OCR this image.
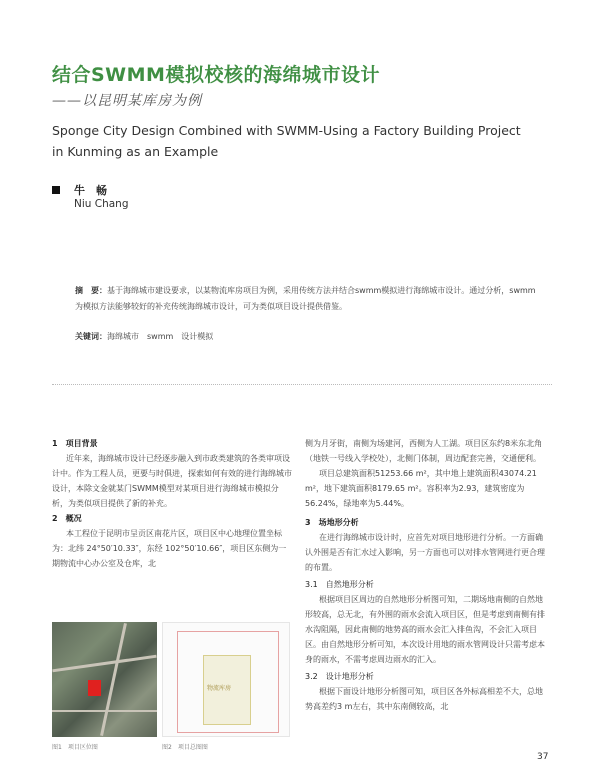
结合SWMM模拟校核的海绵城市设计
——以昆明某库房为例
Sponge City Design Combined with SWMM-Using a Factory Building Project in Kunming as an Example
牛　畅
Niu Chang
摘　要：基于海绵城市建设要求，以某物流库房项目为例，采用传统方法并结合swmm模拟进行海绵城市设计。通过分析，swmm为模拟方法能够较好的补充传统海绵城市设计，可为类似项目设计提供借鉴。
关键词：海绵城市　swmm　设计模拟

1　项目背景

近年来，海绵城市设计已经逐步融入到市政类建筑的各类审项设计中。作为工程人员，更要与时俱进，探索如何有效的进行海绵城市设计，本除文金就某门SWMM模型对某项目进行海绵城市模拟分析，为类似项目提供了新的补充。

2　概况

本工程位于昆明市呈贡区南花片区，项目区中心地理位置坐标为：北纬 24°50′10.33″，东经 102°50′10.66″，项目区东侧为一期物流中心办公室及仓库，北

侧为月牙街，南侧为场建河，西侧为人工湖。项目区东约8米东北角（地铁一号线入学校处），北侧门体制，周边配套完善，交通便利。

项目总建筑面积51253.66 m²，其中地上建筑面积43074.21 m²，地下建筑面积8179.65 m²。容积率为2.93，建筑密度为56.24%，绿地率为5.44%。

3　场地形分析

在进行海绵城市设计时，应首先对项目地形进行分析。一方面确认外围是否有汇水过入影响，另一方面也可以对排水管网进行更合理的布置。

3.1　自然地形分析

根据项目区周边的自然地形分析图可知，二期场地南侧的自然地形较高，总无北，有外围的雨水会流入项目区，但是考虑到南侧有排水沟阻隔，因此南侧的地势高的雨水会汇入排鱼沟，不会汇入项目区。由自然地形分析可知，本次设计用地的雨水管网设计只需考虑本身的雨水，不需考虑周边雨水的汇入。

3.2　设计地形分析

根据下面设计地形分析图可知，项目区各外标高相差不大，总地势高差约3 m左右，其中东南侧较高，北

图1　项目区位图
物流库房
图2　项目总图图
37
